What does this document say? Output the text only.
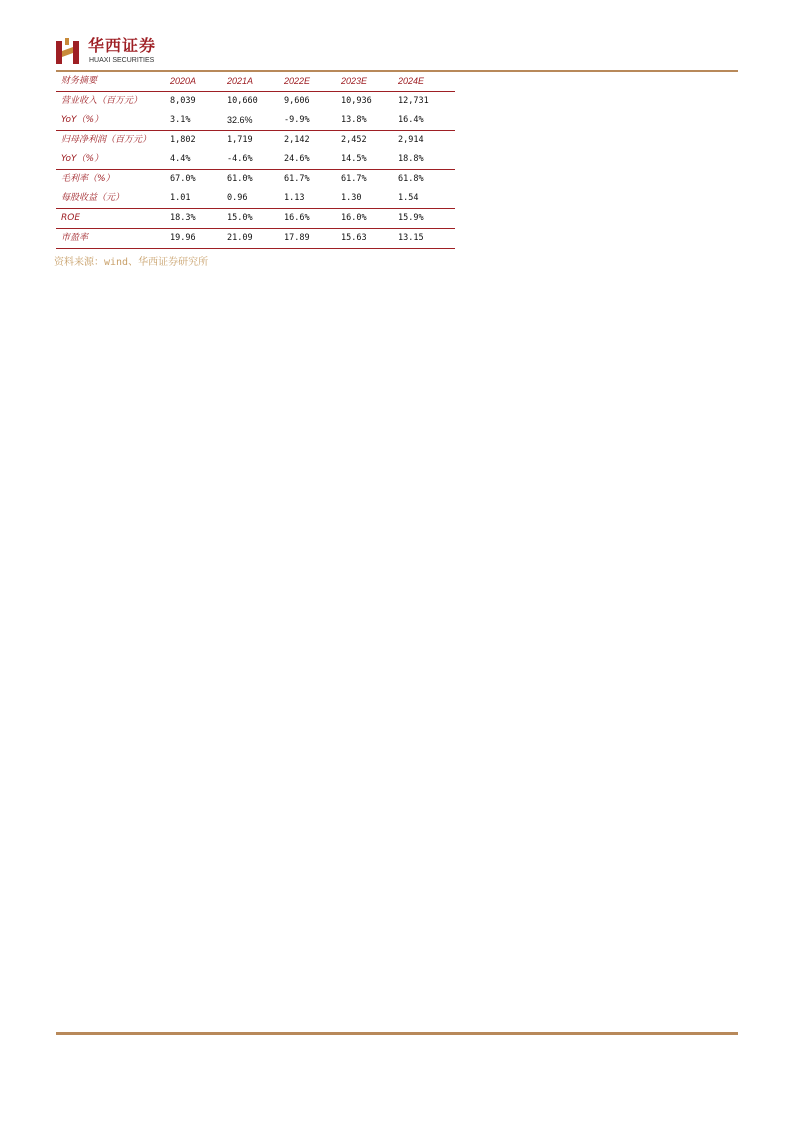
华西证券
HUAXI SECURITIES
财务摘要	2020A	2021A	2022E	2023E	2024E
营业收入（百万元）	8,039	10,660	9,606	10,936	12,731
YoY（%）	3.1%	32.6%	-9.9%	13.8%	16.4%
归母净利润（百万元）	1,802	1,719	2,142	2,452	2,914
YoY（%）	4.4%	-4.6%	24.6%	14.5%	18.8%
毛利率（%）	67.0%	61.0%	61.7%	61.7%	61.8%
每股收益（元）	1.01	0.96	1.13	1.30	1.54
ROE	18.3%	15.0%	16.6%	16.0%	15.9%
市盈率	19.96	21.09	17.89	15.63	13.15
资料来源：wind、华西证券研究所
